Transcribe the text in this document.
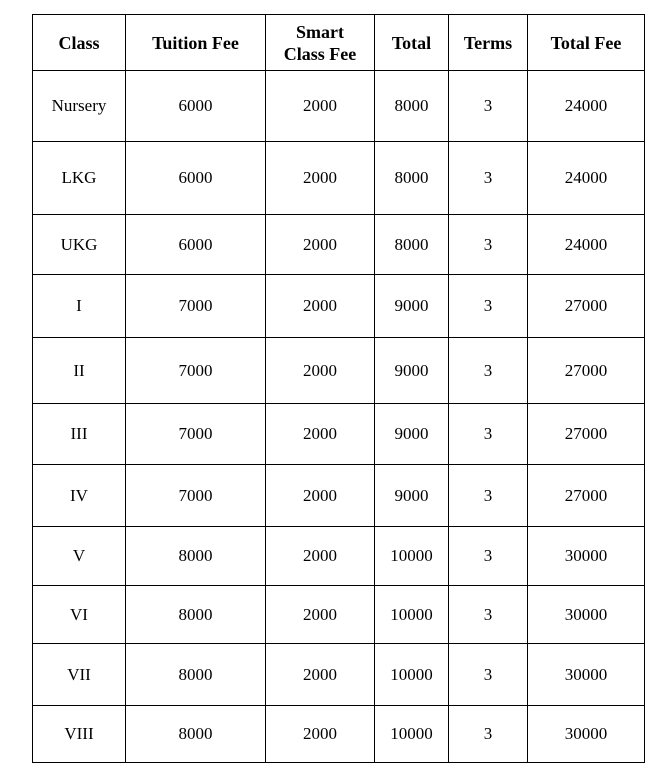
Class	Tuition Fee	Smart Class Fee	Total	Terms	Total Fee
Nursery	6000	2000	8000	3	24000
LKG	6000	2000	8000	3	24000
UKG	6000	2000	8000	3	24000
I	7000	2000	9000	3	27000
II	7000	2000	9000	3	27000
III	7000	2000	9000	3	27000
IV	7000	2000	9000	3	27000
V	8000	2000	10000	3	30000
VI	8000	2000	10000	3	30000
VII	8000	2000	10000	3	30000
VIII	8000	2000	10000	3	30000
